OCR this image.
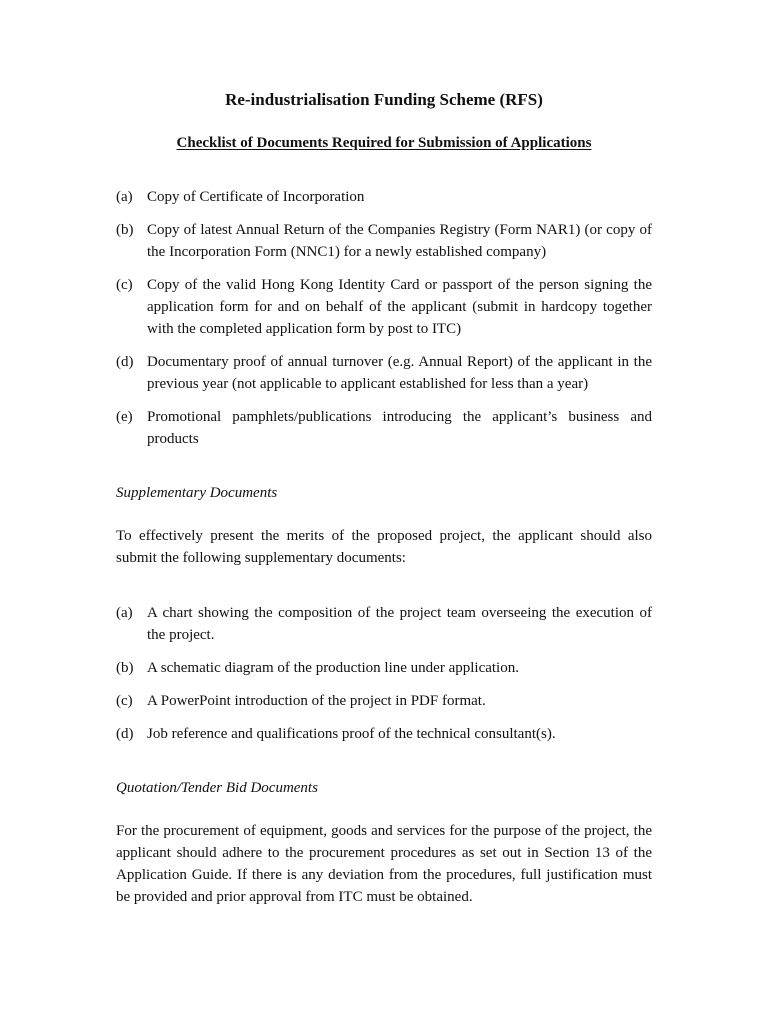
Re-industrialisation Funding Scheme (RFS)
Checklist of Documents Required for Submission of Applications
(a) Copy of Certificate of Incorporation
(b) Copy of latest Annual Return of the Companies Registry (Form NAR1) (or copy of the Incorporation Form (NNC1) for a newly established company)
(c) Copy of the valid Hong Kong Identity Card or passport of the person signing the application form for and on behalf of the applicant (submit in hardcopy together with the completed application form by post to ITC)
(d) Documentary proof of annual turnover (e.g. Annual Report) of the applicant in the previous year (not applicable to applicant established for less than a year)
(e) Promotional pamphlets/publications introducing the applicant’s business and products

Supplementary Documents

To effectively present the merits of the proposed project, the applicant should also submit the following supplementary documents:

(a) A chart showing the composition of the project team overseeing the execution of the project.
(b) A schematic diagram of the production line under application.
(c) A PowerPoint introduction of the project in PDF format.
(d) Job reference and qualifications proof of the technical consultant(s).

Quotation/Tender Bid Documents

For the procurement of equipment, goods and services for the purpose of the project, the applicant should adhere to the procurement procedures as set out in Section 13 of the Application Guide. If there is any deviation from the procedures, full justification must be provided and prior approval from ITC must be obtained.
